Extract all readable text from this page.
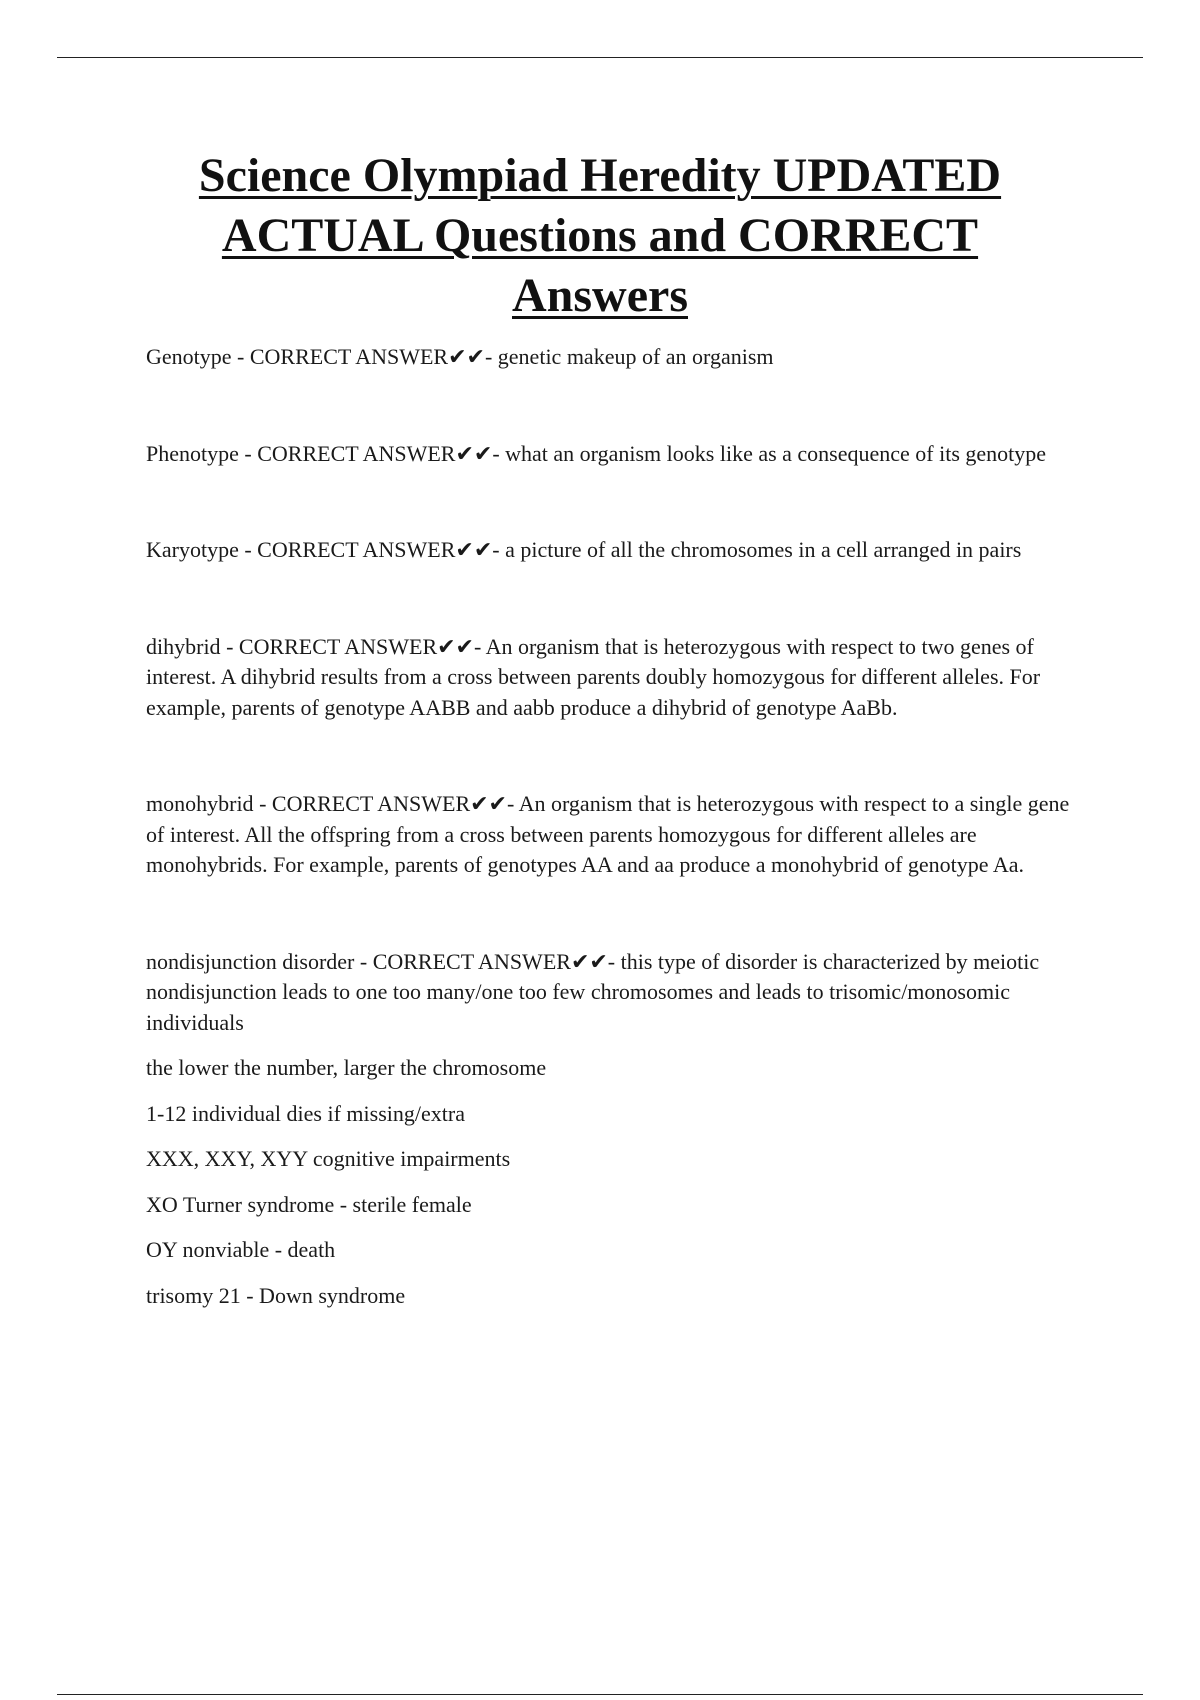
Science Olympiad Heredity UPDATED ACTUAL Questions and CORRECT Answers

Genotype - CORRECT ANSWER✔✔- genetic makeup of an organism

Phenotype - CORRECT ANSWER✔✔- what an organism looks like as a consequence of its genotype

Karyotype - CORRECT ANSWER✔✔- a picture of all the chromosomes in a cell arranged in pairs

dihybrid - CORRECT ANSWER✔✔- An organism that is heterozygous with respect to two genes of interest. A dihybrid results from a cross between parents doubly homozygous for different alleles. For example, parents of genotype AABB and aabb produce a dihybrid of genotype AaBb.

monohybrid - CORRECT ANSWER✔✔- An organism that is heterozygous with respect to a single gene of interest. All the offspring from a cross between parents homozygous for different alleles are monohybrids. For example, parents of genotypes AA and aa produce a monohybrid of genotype Aa.

nondisjunction disorder - CORRECT ANSWER✔✔- this type of disorder is characterized by meiotic nondisjunction leads to one too many/one too few chromosomes and leads to trisomic/monosomic individuals

the lower the number, larger the chromosome

1-12 individual dies if missing/extra

XXX, XXY, XYY cognitive impairments

XO Turner syndrome - sterile female

OY nonviable - death

trisomy 21 - Down syndrome
